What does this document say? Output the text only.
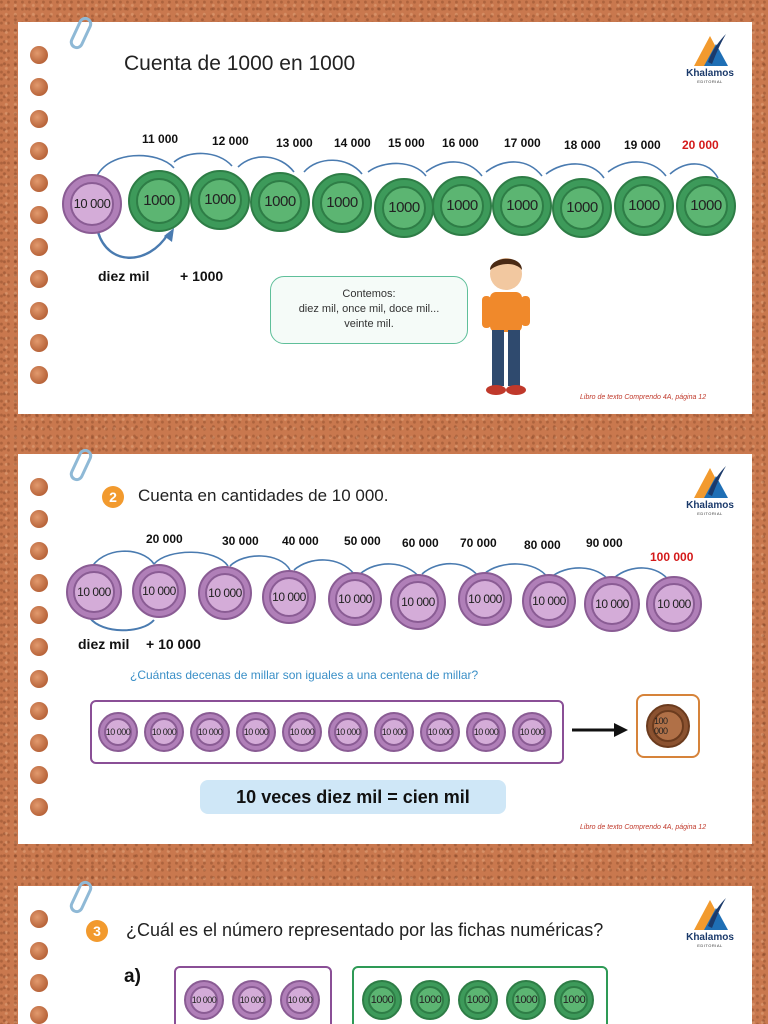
Cuenta de 1000 en 1000	Khalamos
EDITORIAL
10 000	1000	1000	1000	1000	1000	1000	1000	1000	1000	1000
11 000	12 000 13 000 14 000 15 000 16 000 17 000 18 000 19 000 20 000
diez mil + 1000
Contemos:
diez mil, once mil, doce mil...
veinte mil.
Libro de texto Comprendo 4A, página 12
2	Cuenta en cantidades de 10 000.
Khalamos
EDITORIAL
10 000	10 000	10 000	10 000	10 000	10 000	10 000	10 000	10 000	10 000
20 000	30 000 40 000 50 000 60 000 70 000 80 000 90 000
100 000
diez mil + 10 000
¿Cuántas decenas de millar son iguales a una centena de millar?
10 000 10 000 10 000 10 000 10 000 10 000 10 000 10 000 10 000 10 000
100 000
10 veces diez mil = cien mil
Libro de texto Comprendo 4A, página 12
3	¿Cuál es el número representado por las fichas numéricas?	Khalamos
EDITORIAL
a)
10 000	10 000	10 000	1000 1000 1000 1000 1000
